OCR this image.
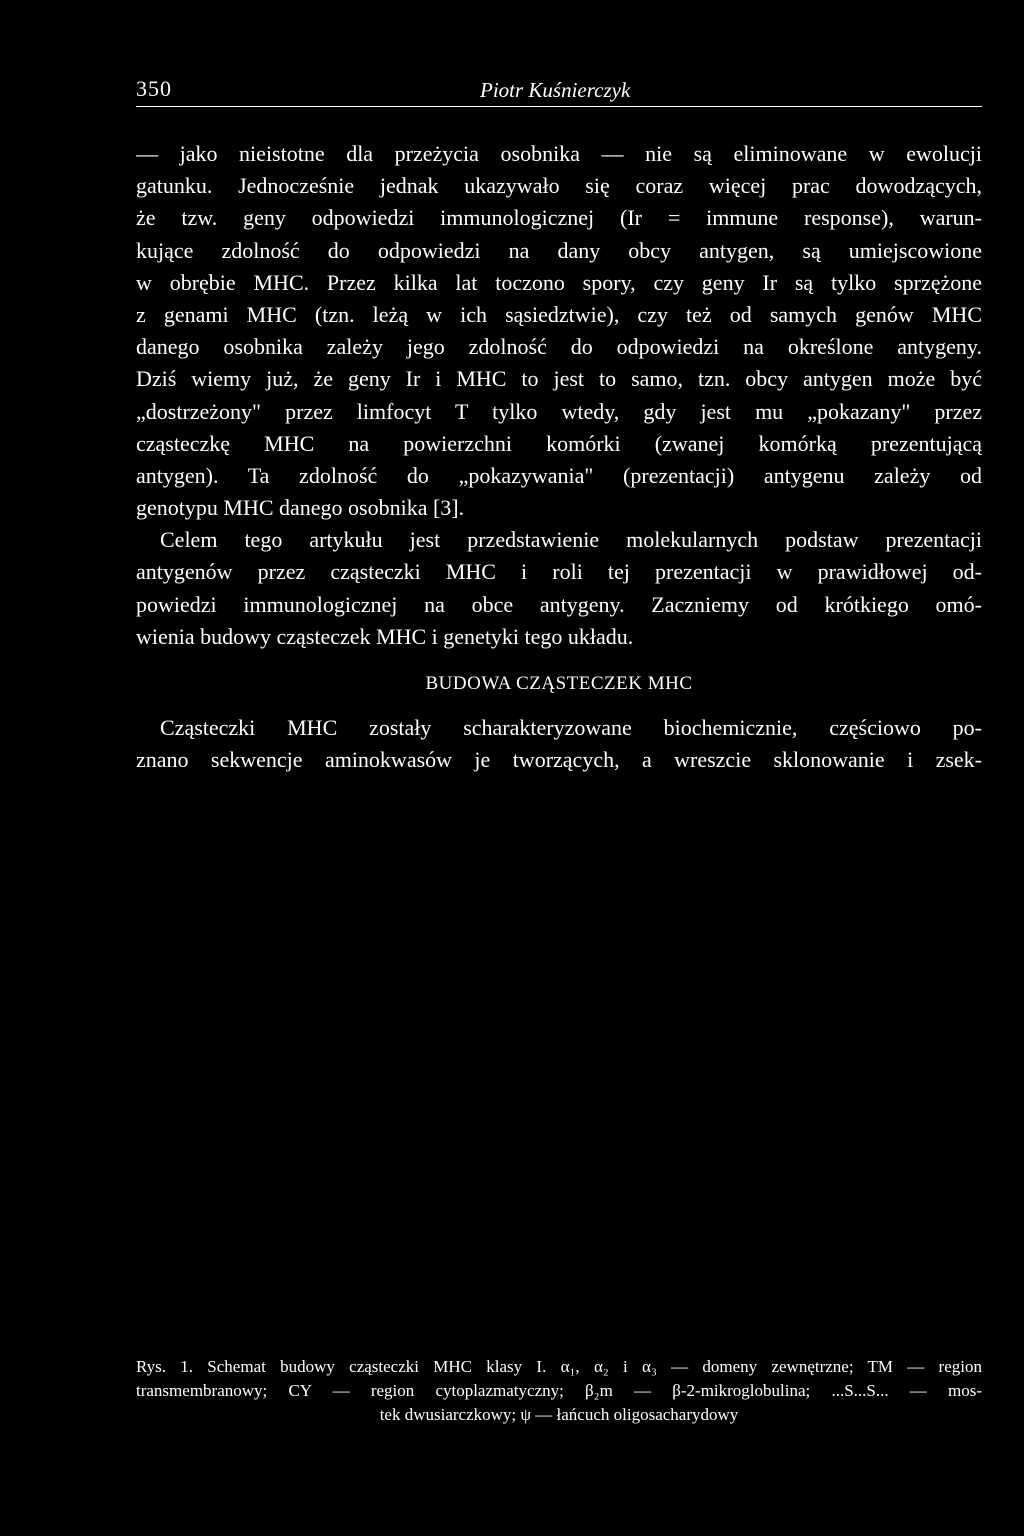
350	Piotr Kuśnierczyk
— jako nieistotne dla przeżycia osobnika — nie są eliminowane w ewolucji
gatunku. Jednocześnie jednak ukazywało się coraz więcej prac dowodzących,
że tzw. geny odpowiedzi immunologicznej (Ir = immune response), warun-
kujące zdolność do odpowiedzi na dany obcy antygen, są umiejscowione
w obrębie MHC. Przez kilka lat toczono spory, czy geny Ir są tylko sprzężone
z genami MHC (tzn. leżą w ich sąsiedztwie), czy też od samych genów MHC
danego osobnika zależy jego zdolność do odpowiedzi na określone antygeny.
Dziś wiemy już, że geny Ir i MHC to jest to samo, tzn. obcy antygen może być
„dostrzeżony" przez limfocyt T tylko wtedy, gdy jest mu „pokazany" przez
cząsteczkę MHC na powierzchni komórki (zwanej komórką prezentującą
antygen). Ta zdolność do „pokazywania" (prezentacji) antygenu zależy od
genotypu MHC danego osobnika [3].
Celem tego artykułu jest przedstawienie molekularnych podstaw prezentacji
antygenów przez cząsteczki MHC i roli tej prezentacji w prawidłowej od-
powiedzi immunologicznej na obce antygeny. Zaczniemy od krótkiego omó-
wienia budowy cząsteczek MHC i genetyki tego układu.
BUDOWA CZĄSTECZEK MHC
Cząsteczki MHC zostały scharakteryzowane biochemicznie, częściowo po-
znano sekwencje aminokwasów je tworzących, a wreszcie sklonowanie i zsek-
Rys. 1. Schemat budowy cząsteczki MHC klasy I. α₁, α₂ i α₃ — domeny zewnętrzne; TM — region
transmembranowy; CY — region cytoplazmatyczny; β₂m — β-2-mikroglobulina; ...S...S... — mos-
tek dwusiarczkowy; ψ — łańcuch oligosacharydowy
